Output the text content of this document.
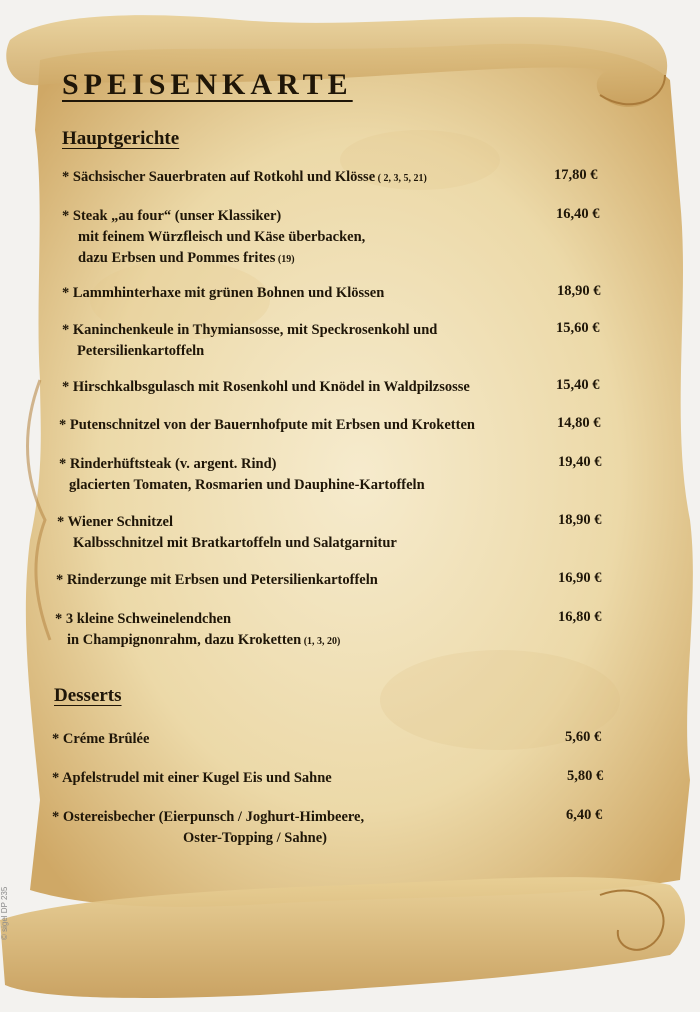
SPEISENKARTE
Hauptgerichte
* Sächsischer Sauerbraten auf Rotkohl und Klösse ( 2, 3, 5, 21)	17,80 €
* Steak „au four“ (unser Klassiker)
mit feinem Würzfleisch und Käse überbacken,
dazu Erbsen und Pommes frites (19)
16,40 €
* Lammhinterhaxe mit grünen Bohnen und Klössen	18,90 €
* Kaninchenkeule in Thymiansosse, mit Speckrosenkohl und
Petersilienkartoffeln
15,60 €
* Hirschkalbsgulasch mit Rosenkohl und Knödel in Waldpilzsosse	15,40 €
* Putenschnitzel von der Bauernhofpute mit Erbsen und Kroketten	14,80 €
* Rinderhüftsteak (v. argent. Rind)
glacierten Tomaten, Rosmarien und Dauphine-Kartoffeln
19,40 €
* Wiener Schnitzel
Kalbsschnitzel mit Bratkartoffeln und Salatgarnitur
18,90 €
* Rinderzunge mit Erbsen und Petersilienkartoffeln	16,90 €
* 3 kleine Schweinelendchen
in Champignonrahm, dazu Kroketten (1, 3, 20)
16,80 €
Desserts
* Créme Brûlée	5,60 €
* Apfelstrudel mit einer Kugel Eis und Sahne	5,80 €
* Ostereisbecher (Eierpunsch / Joghurt-Himbeere,
Oster-Topping / Sahne)
6,40 €
© sigel DP 235
